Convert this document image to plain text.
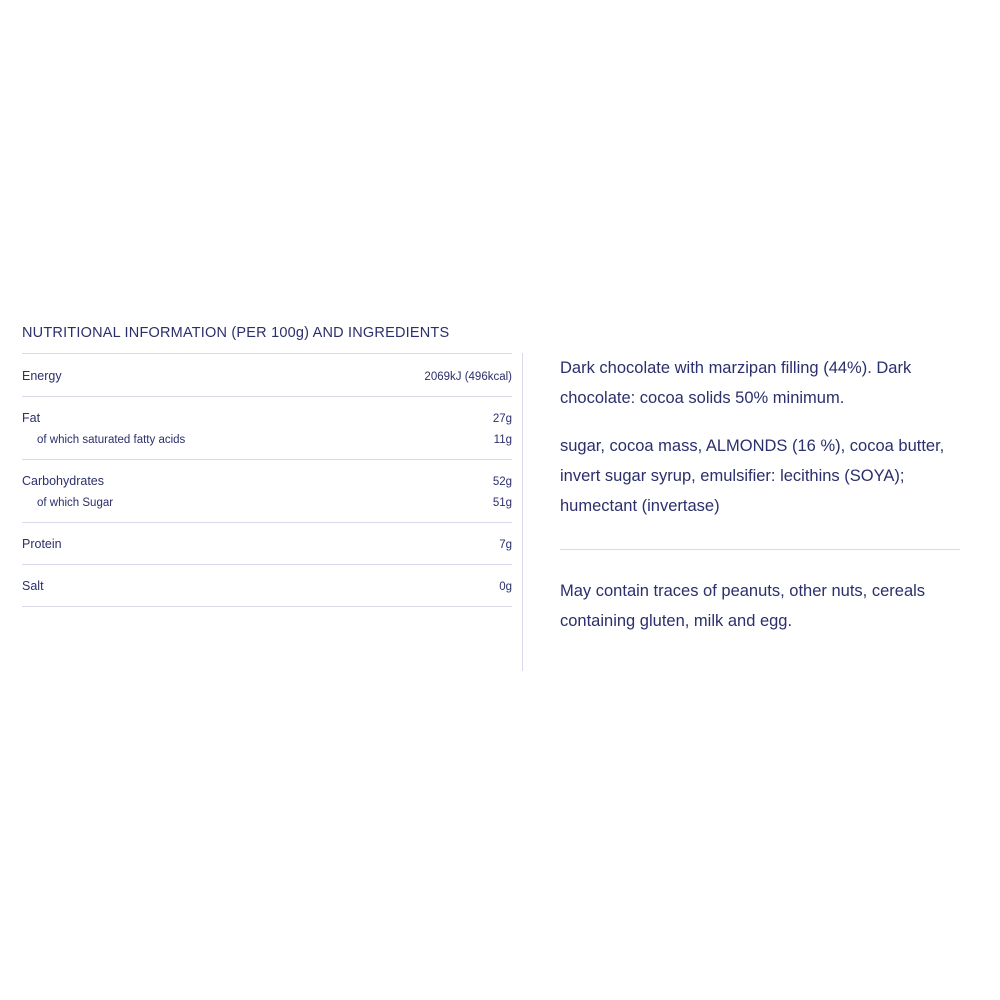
NUTRITIONAL INFORMATION (PER 100g) AND INGREDIENTS
Energy	2069kJ (496kcal)
Fat	27g
of which saturated fatty acids	11g
Carbohydrates	52g
of which Sugar	51g
Protein	7g
Salt	0g

Dark chocolate with marzipan filling (44%). Dark chocolate: cocoa solids 50% minimum.

sugar, cocoa mass, ALMONDS (16 %), cocoa butter, invert sugar syrup, emulsifier: lecithins (SOYA); humectant (invertase)

May contain traces of peanuts, other nuts, cereals containing gluten, milk and egg.
